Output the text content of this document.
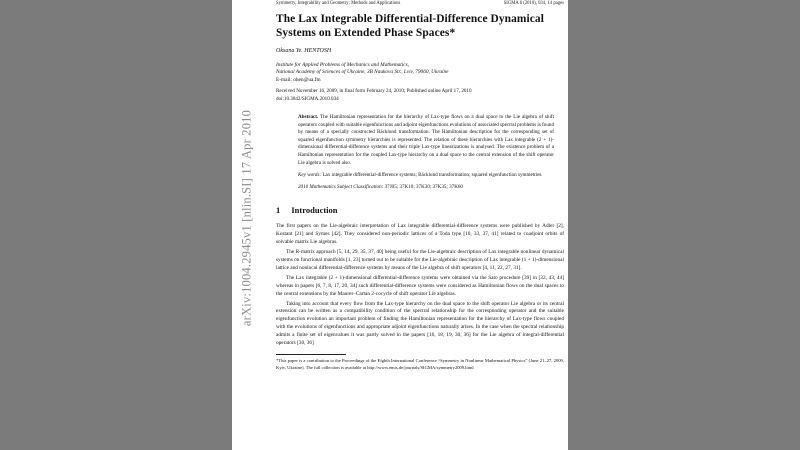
arXiv:1004.2945v1 [nlin.SI] 17 Apr 2010
Symmetry, Integrability and Geometry: Methods and Applications	SIGMA 6 (2010), 034, 14 pages
The Lax Integrable Differential-Difference Dynamical Systems on Extended Phase Spaces*
Oksana Ye. HENTOSH
Institute for Applied Problems of Mechanics and Mathematics,
National Academy of Sciences of Ukraine, 3B Naukova Str., Lviv, 79060, Ukraine
E-mail: ohen@ua.fm
Received November 16, 2009, in final form February 24, 2010; Published online April 17, 2010
doi:10.3842/SIGMA.2010.034
Abstract. The Hamiltonian representation for the hierarchy of Lax-type flows on a dual space to the Lie algebra of shift operators coupled with suitable eigenfunctions and adjoint eigenfunctions evolutions of associated spectral problems is found by means of a specially constructed Bäcklund transformation. The Hamiltonian description for the corresponding set of squared eigenfunction symmetry hierarchies is represented. The relation of these hierarchies with Lax integrable (2 + 1)-dimensional differential-difference systems and their triple Lax-type linearizations is analysed. The existence problem of a Hamiltonian representation for the coupled Lax-type hierarchy on a dual space to the central extension of the shift operator Lie algebra is solved also.
Key words: Lax integrable differential-difference systems; Bäcklund transformation; squared eigenfunction symmetries
2010 Mathematics Subject Classification: 37J05; 37K10; 37K30; 37K35; 37K60
1 Introduction
The first papers on the Lie-algebraic interpretation of Lax integrable differential-difference systems were published by Adler [2], Kostant [21] and Symes [42]. They considered non-periodic lattices of a Toda type [10, 33, 37, 41] related to coadjoint orbits of solvable matrix Lie algebras.
The R-matrix approach [5, 14, 29, 35, 37, 40] being useful for the Lie-algebraic description of Lax integrable nonlinear dynamical systems on functional manifolds [1, 23] turned out to be suitable for the Lie-algebraic description of Lax integrable (1 + 1)-dimensional lattice and nonlocal differential-difference systems by means of the Lie algebra of shift operators [4, 11, 22, 27, 31].
The Lax integrable (2 + 1)-dimensional differential-difference systems were obtained via the Sato procedure [39] in [32, 43, 44] whereas in papers [6, 7, 8, 17, 20, 34] such differential-difference systems were considered as Hamiltonian flows on the dual spaces to the central extensions by the Maurer–Cartan 2-cocycle of shift operator Lie algebras.
Taking into account that every flow from the Lax-type hierarchy on the dual space to the shift operator Lie algebra or its central extension can be written as a compatibility condition of the spectral relationship for the corresponding operator and the suitable eigenfunction evolution an important problem of finding the Hamiltonian representation for the hierarchy of Lax-type flows coupled with the evolutions of eigenfunctions and appropriate adjoint eigenfunctions naturally arises. In the case when the spectral relationship admits a finite set of eigenvalues it was partly solved in the papers [16, 18, 19, 30, 36] for the Lie algebra of integral-differential operators [30, 36]
*This paper is a contribution to the Proceedings of the Eighth International Conference “Symmetry in Nonlinear Mathematical Physics” (June 21–27, 2009, Kyiv, Ukraine). The full collection is available at http://www.emis.de/journals/SIGMA/symmetry2009.html
